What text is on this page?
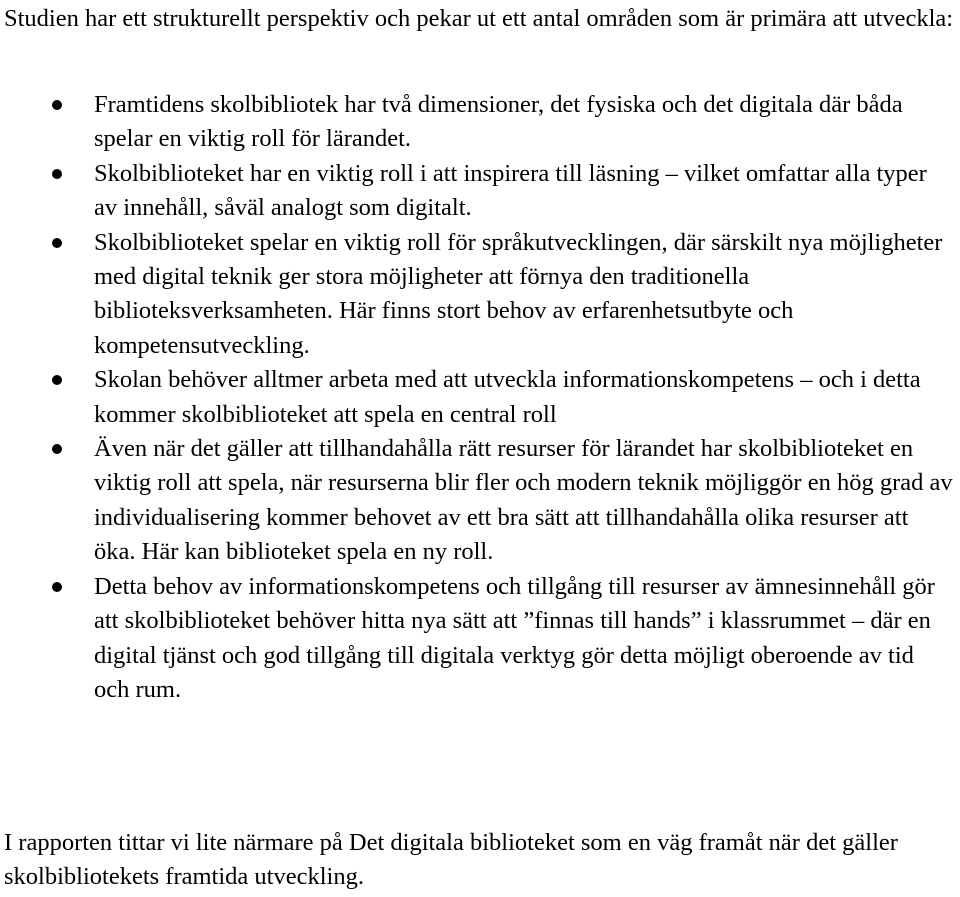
Studien har ett strukturellt perspektiv och pekar ut ett antal områden som är primära att utveckla:

Framtidens skolbibliotek har två dimensioner, det fysiska och det digitala där båda spelar en viktig roll för lärandet.
Skolbiblioteket har en viktig roll i att inspirera till läsning – vilket omfattar alla typer av innehåll, såväl analogt som digitalt.
Skolbiblioteket spelar en viktig roll för språkutvecklingen, där särskilt nya möjligheter med digital teknik ger stora möjligheter att förnya den traditionella biblioteksverksamheten. Här finns stort behov av erfarenhetsutbyte och kompetensutveckling.
Skolan behöver alltmer arbeta med att utveckla informationskompetens – och i detta kommer skolbiblioteket att spela en central roll
Även när det gäller att tillhandahålla rätt resurser för lärandet har skolbiblioteket en viktig roll att spela, när resurserna blir fler och modern teknik möjliggör en hög grad av individualisering kommer behovet av ett bra sätt att tillhandahålla olika resurser att öka. Här kan biblioteket spela en ny roll.
Detta behov av informationskompetens och tillgång till resurser av ämnesinnehåll gör att skolbiblioteket behöver hitta nya sätt att ”finnas till hands” i klassrummet – där en digital tjänst och god tillgång till digitala verktyg gör detta möjligt oberoende av tid och rum.

I rapporten tittar vi lite närmare på Det digitala biblioteket som en väg framåt när det gäller skolbibliotekets framtida utveckling.
